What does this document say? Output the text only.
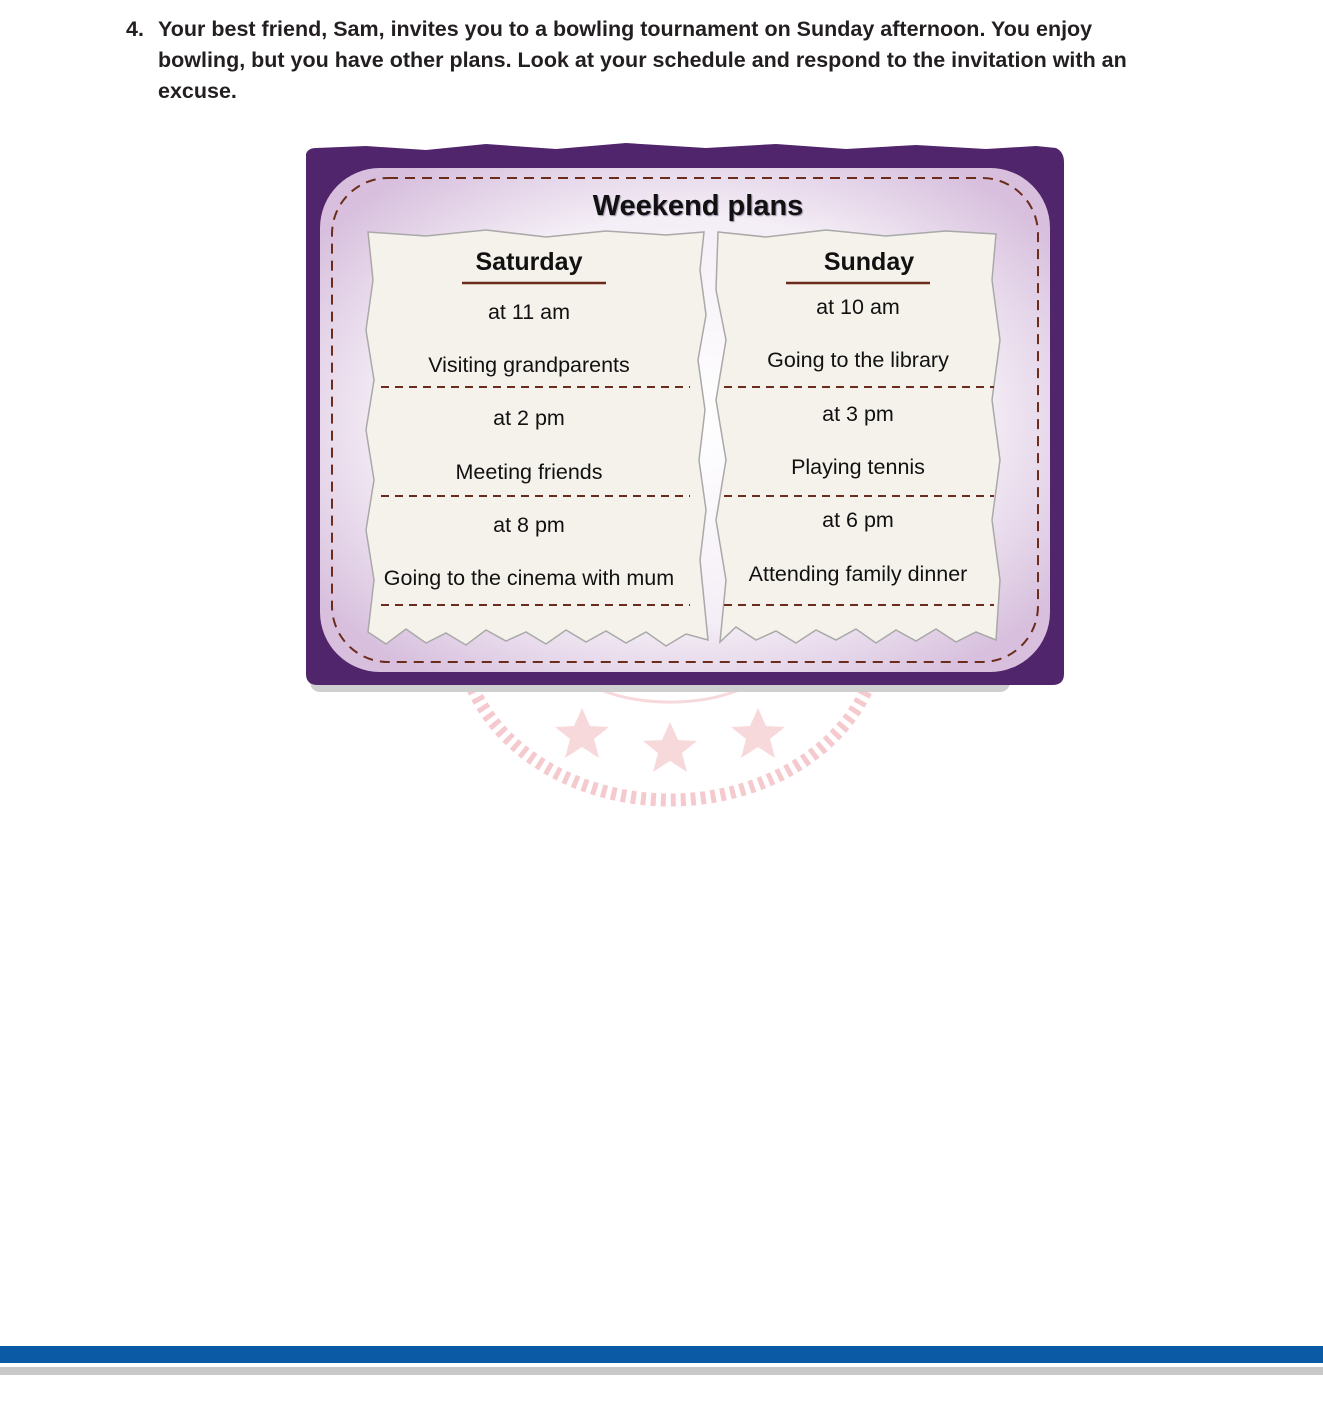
4. Your best friend, Sam, invites you to a bowling tournament on Sunday afternoon. You enjoy bowling, but you have other plans. Look at your schedule and respond to the invitation with an excuse.
Weekend plans
Saturday
at 11 am
Visiting grandparents
at 2 pm
Meeting friends
at 8 pm
Going to the cinema with mum
Sunday
at 10 am
Going to the library
at 3 pm
Playing tennis
at 6 pm
Attending family dinner
